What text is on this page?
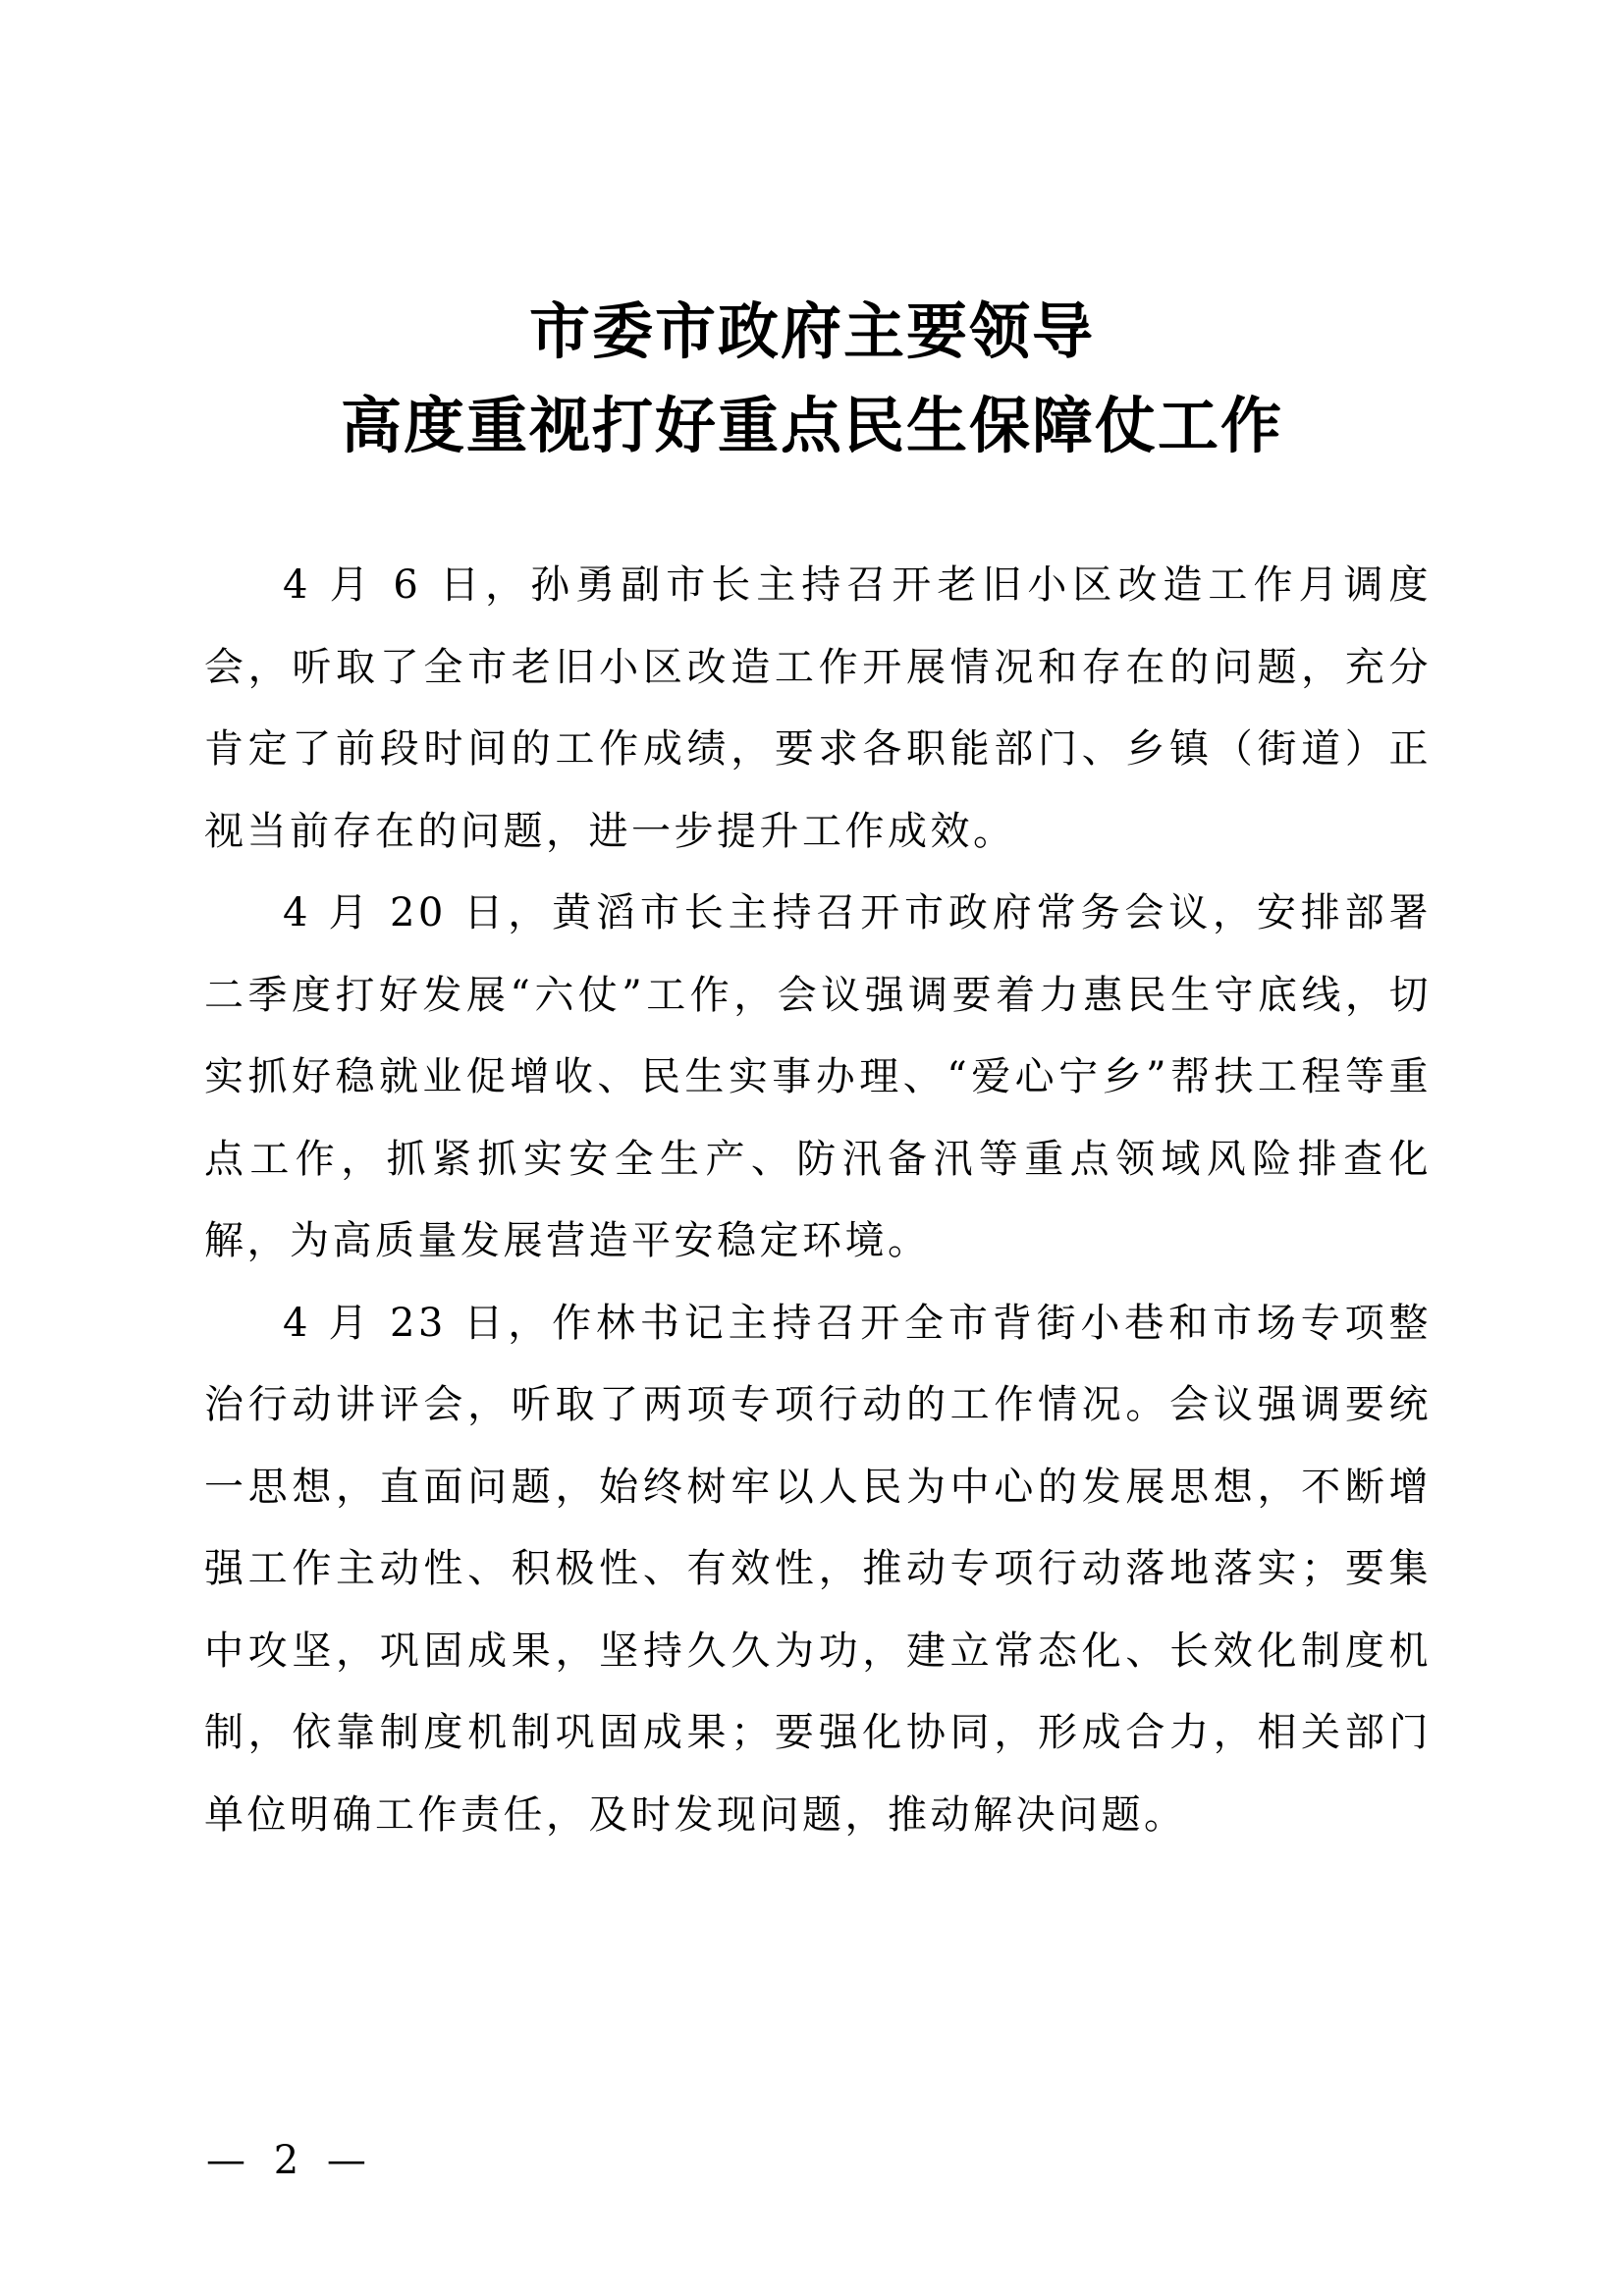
市委市政府主要领导
高度重视打好重点民生保障仗工作

4 月 6 日，孙勇副市长主持召开老旧小区改造工作月调度会，听取了全市老旧小区改造工作开展情况和存在的问题，充分肯定了前段时间的工作成绩，要求各职能部门、乡镇（街道）正视当前存在的问题，进一步提升工作成效。

4 月 20 日，黄滔市长主持召开市政府常务会议，安排部署二季度打好发展“六仗”工作，会议强调要着力惠民生守底线，切实抓好稳就业促增收、民生实事办理、“爱心宁乡”帮扶工程等重点工作，抓紧抓实安全生产、防汛备汛等重点领域风险排查化解，为高质量发展营造平安稳定环境。

4 月 23 日，作林书记主持召开全市背街小巷和市场专项整治行动讲评会，听取了两项专项行动的工作情况。会议强调要统一思想，直面问题，始终树牢以人民为中心的发展思想，不断增强工作主动性、积极性、有效性，推动专项行动落地落实；要集中攻坚，巩固成果，坚持久久为功，建立常态化、长效化制度机制，依靠制度机制巩固成果；要强化协同，形成合力，相关部门单位明确工作责任，及时发现问题，推动解决问题。

— 2 —
